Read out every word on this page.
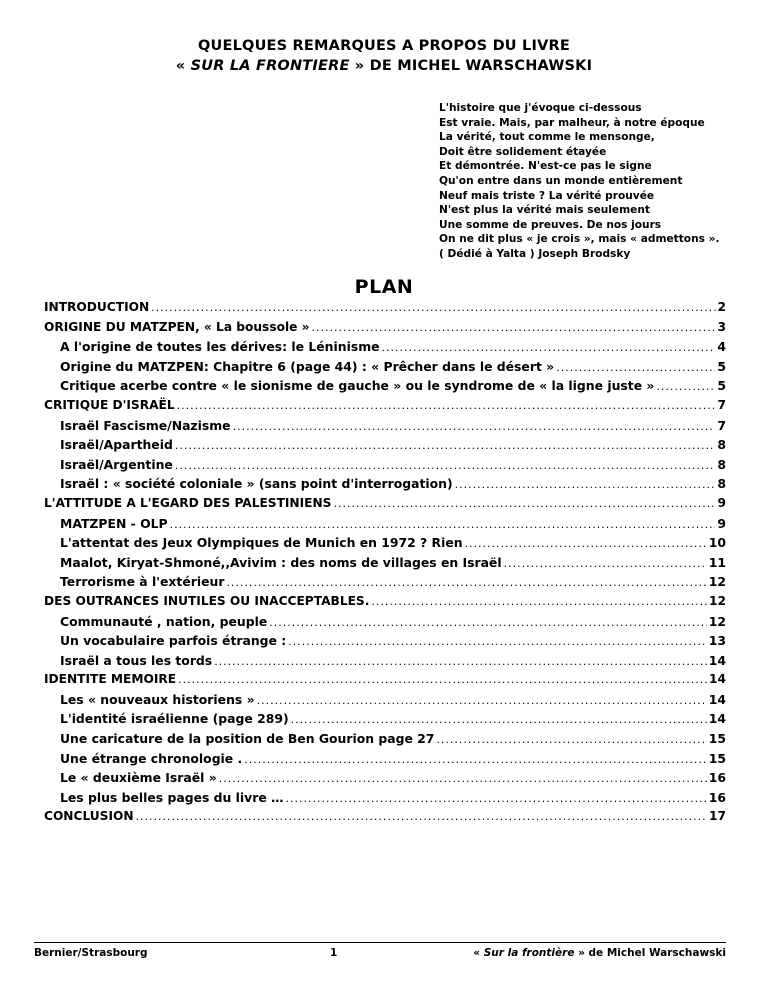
QUELQUES REMARQUES A PROPOS DU LIVRE
« SUR LA FRONTIERE » DE MICHEL WARSCHAWSKI
L'histoire que j'évoque ci-dessous
Est vraie. Mais, par malheur, à notre époque
La vérité, tout comme le mensonge,
Doit être solidement étayée
Et démontrée. N'est-ce pas le signe
Qu'on entre dans un monde entièrement
Neuf mais triste ? La vérité prouvée
N'est plus la vérité mais seulement
Une somme de preuves. De nos jours
On ne dit plus « je crois », mais « admettons ».
( Dédié à Yalta ) Joseph Brodsky
PLAN
INTRODUCTION .....	2
ORIGINE DU MATZPEN, « La boussole » .....	3
A l'origine de toutes les dérives: le Léninisme .....	4
Origine du MATZPEN: Chapitre 6 (page 44) : « Prêcher dans le désert » .....	5
Critique acerbe contre « le sionisme de gauche » ou le syndrome de « la ligne juste » .....	5
CRITIQUE D'ISRAËL .....	7
Israël Fascisme/Nazisme .....	7
Israël/Apartheid .....	8
Israël/Argentine .....	8
Israël : « société coloniale » (sans point d'interrogation) .....	8
L'ATTITUDE A L'EGARD DES PALESTINIENS .....	9
MATZPEN - OLP .....	9
L'attentat des Jeux Olympiques de Munich en 1972 ? Rien .....	10
Maalot, Kiryat-Shmoné,,Avivim : des noms de villages en Israël .....	11
Terrorisme à l'extérieur .....	12
DES OUTRANCES INUTILES OU INACCEPTABLES. .....	12
Communauté , nation, peuple .....	12
Un vocabulaire parfois étrange : .....	13
Israël a tous les tords .....	14
IDENTITE MEMOIRE .....	14
Les « nouveaux historiens » .....	14
L'identité israélienne (page 289) .....	14
Une caricature de la position de Ben Gourion page 27 .....	15
Une étrange chronologie . .....	15
Le « deuxième Israël » .....	16
Les plus belles pages du livre … .....	16
CONCLUSION .....	17
Bernier/Strasbourg	1	« Sur la frontière » de Michel Warschawski
